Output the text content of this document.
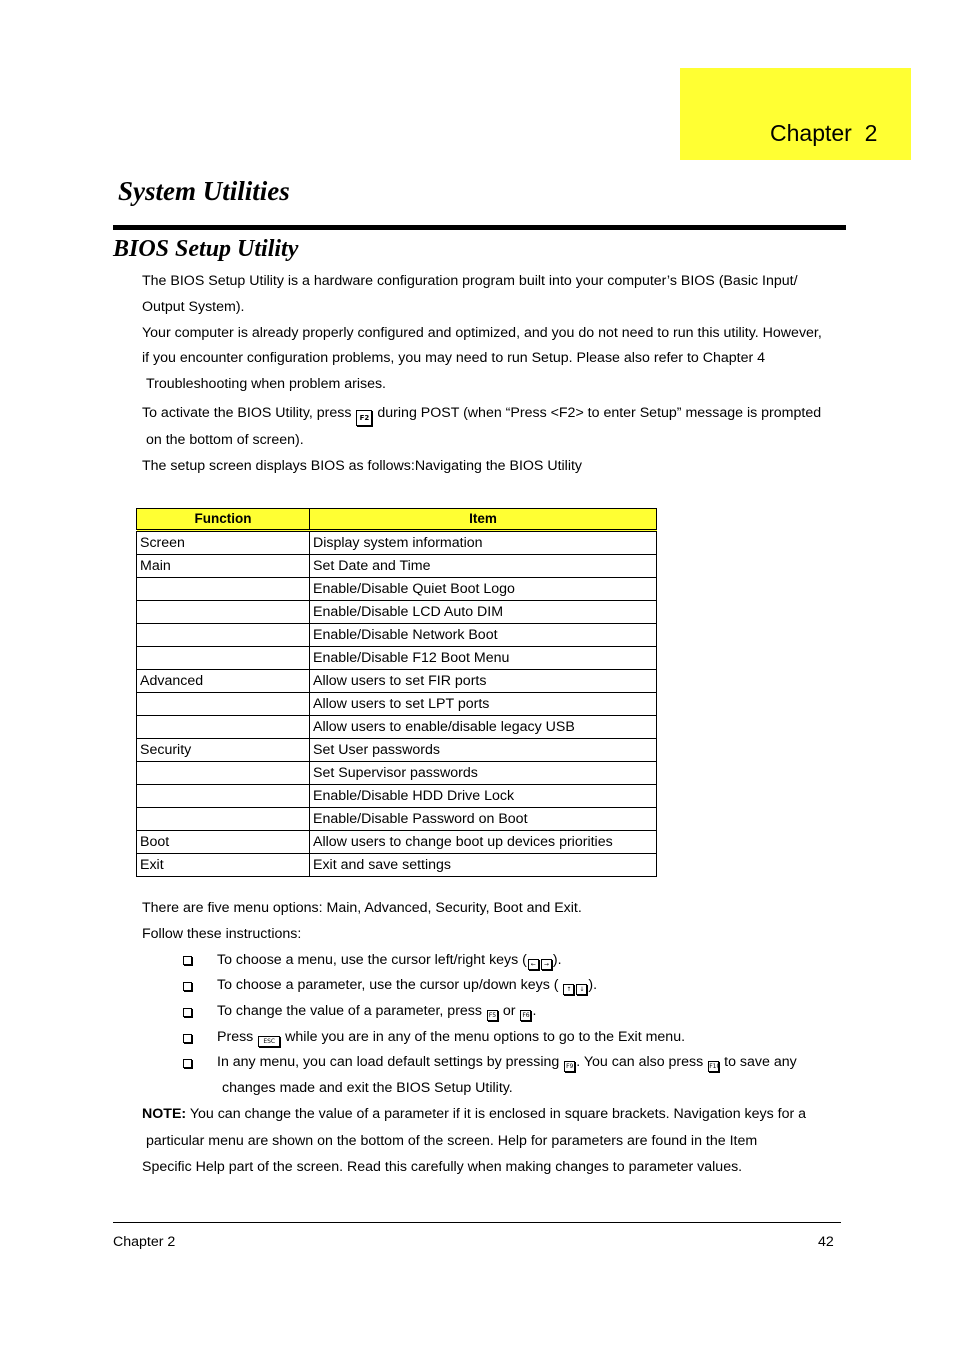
Chapter  2
System Utilities
BIOS Setup Utility
The BIOS Setup Utility is a hardware configuration program built into your computer’s BIOS (Basic Input/
Output System).
Your computer is already properly configured and optimized, and you do not need to run this utility. However,
if you encounter configuration problems, you may need to run Setup. Please also refer to Chapter 4
Troubleshooting when problem arises.
To activate the BIOS Utility, press F2 during POST (when “Press <F2> to enter Setup” message is prompted
on the bottom of screen).
The setup screen displays BIOS as follows:Navigating the BIOS Utility
Function	Item
Screen	Display system information
Main	Set Date and Time
	Enable/Disable Quiet Boot Logo
	Enable/Disable LCD Auto DIM
	Enable/Disable Network Boot
	Enable/Disable F12 Boot Menu
Advanced	Allow users to set FIR ports
	Allow users to set LPT ports
	Allow users to enable/disable legacy USB
Security	Set User passwords
	Set Supervisor passwords
	Enable/Disable HDD Drive Lock
	Enable/Disable Password on Boot
Boot	Allow users to change boot up devices priorities
Exit	Exit and save settings
There are five menu options: Main, Advanced, Security, Boot and Exit.
Follow these instructions:
To choose a menu, use the cursor left/right keys ( ← → ).
To choose a parameter, use the cursor up/down keys ( ↑ ↓ ).
To change the value of a parameter, press F5 or F6 .
Press ESC while you are in any of the menu options to go to the Exit menu.
In any menu, you can load default settings by pressing F9 . You can also press F10 to save any
changes made and exit the BIOS Setup Utility.
NOTE: You can change the value of a parameter if it is enclosed in square brackets. Navigation keys for a
particular menu are shown on the bottom of the screen. Help for parameters are found in the Item
Specific Help part of the screen. Read this carefully when making changes to parameter values.
Chapter 2	42
